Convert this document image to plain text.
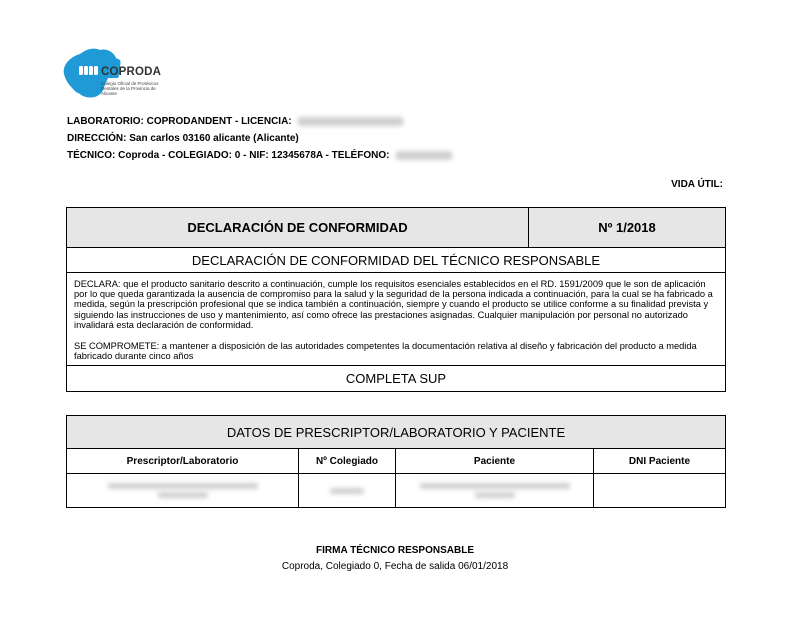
COPRODA
Colegio Oficial de Protésicos Dentales de la Provincia de Alicante
LABORATORIO: COPRODANDENT - LICENCIA:
DIRECCIÓN: San carlos 03160 alicante (Alicante)
TÉCNICO: Coproda - COLEGIADO: 0 - NIF: 12345678A - TELÉFONO:
VIDA ÚTIL:
DECLARACIÓN DE CONFORMIDAD	Nº 1/2018
DECLARACIÓN DE CONFORMIDAD DEL TÉCNICO RESPONSABLE

DECLARA: que el producto sanitario descrito a continuación, cumple los requisitos esenciales establecidos en el RD. 1591/2009 que le son de aplicación por lo que queda garantizada la ausencia de compromiso para la salud y la seguridad de la persona indicada a continuación, para la cual se ha fabricado a medida, según la prescripción profesional que se indica también a continuación, siempre y cuando el producto se utilice conforme a su finalidad prevista y siguiendo las instrucciones de uso y mantenimiento, así como ofrece las prestaciones asignadas. Cualquier manipulación por personal no autorizado invalidará esta declaración de conformidad.

SE COMPROMETE: a mantener a disposición de las autoridades competentes la documentación relativa al diseño y fabricación del producto a medida fabricado durante cinco años

COMPLETA SUP
DATOS DE PRESCRIPTOR/LABORATORIO Y PACIENTE
Prescriptor/Laboratorio	Nº Colegiado	Paciente	DNI Paciente
FIRMA TÉCNICO RESPONSABLE
Coproda, Colegiado 0, Fecha de salida 06/01/2018
